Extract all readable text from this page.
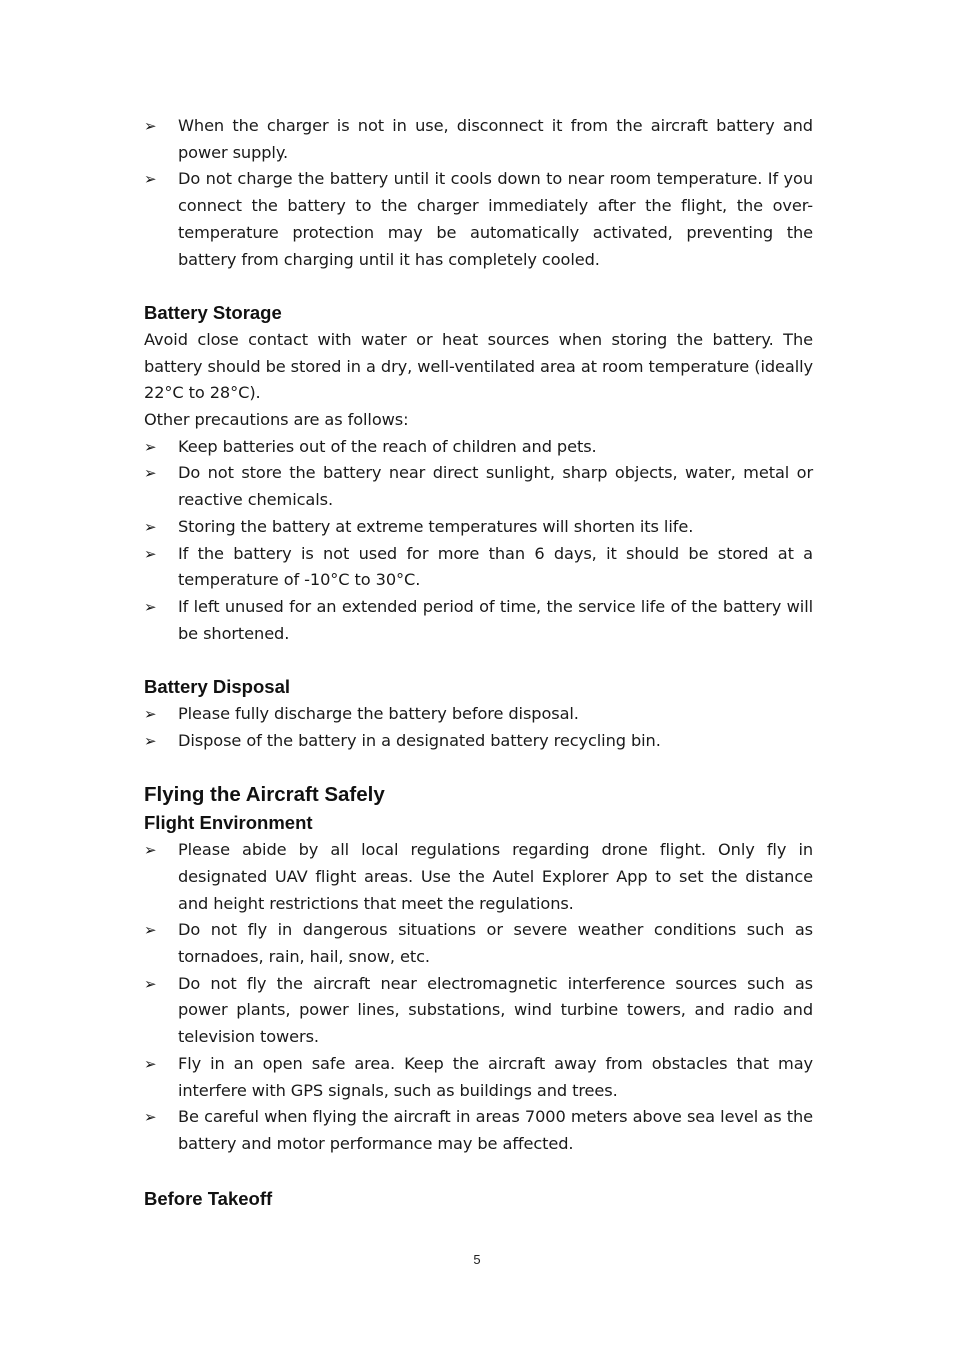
➢ When the charger is not in use, disconnect it from the aircraft battery and power supply.
➢ Do not charge the battery until it cools down to near room temperature. If you connect the battery to the charger immediately after the flight, the over-temperature protection may be automatically activated, preventing the battery from charging until it has completely cooled.
Battery Storage

Avoid close contact with water or heat sources when storing the battery. The battery should be stored in a dry, well-ventilated area at room temperature (ideally 22°C to 28°C).

Other precautions are as follows:

➢ Keep batteries out of the reach of children and pets.
➢ Do not store the battery near direct sunlight, sharp objects, water, metal or reactive chemicals.
➢ Storing the battery at extreme temperatures will shorten its life.
➢ If the battery is not used for more than 6 days, it should be stored at a temperature of -10°C to 30°C.
➢ If left unused for an extended period of time, the service life of the battery will be shortened.
Battery Disposal
➢ Please fully discharge the battery before disposal.
➢ Dispose of the battery in a designated battery recycling bin.
Flying the Aircraft Safely
Flight Environment
➢ Please abide by all local regulations regarding drone flight. Only fly in designated UAV flight areas. Use the Autel Explorer App to set the distance and height restrictions that meet the regulations.
➢ Do not fly in dangerous situations or severe weather conditions such as tornadoes, rain, hail, snow, etc.
➢ Do not fly the aircraft near electromagnetic interference sources such as power plants, power lines, substations, wind turbine towers, and radio and television towers.
➢ Fly in an open safe area. Keep the aircraft away from obstacles that may interfere with GPS signals, such as buildings and trees.
➢ Be careful when flying the aircraft in areas 7000 meters above sea level as the battery and motor performance may be affected.
Before Takeoff
5
